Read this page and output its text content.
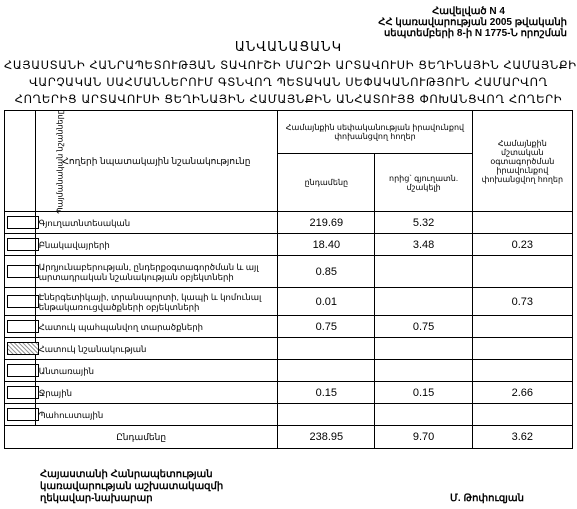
Հավելված N 4
ՀՀ կառավարության 2005 թվականի
սեպտեմբերի 8-ի N 1775-Ն որոշման
ԱՆՎԱՆԱՑԱՆԿ
ՀԱՅԱՍՏԱՆԻ ՀԱՆՐԱՊԵՏՈՒԹՅԱՆ ՏԱՎՈՒՇԻ ՄԱՐԶԻ ԱՐՏԱՎՈՒՍԻ ՑԵՂԻՆԱՅԻՆ ՀԱՄԱՅՆՔԻ
ՎԱՐՉԱԿԱՆ ՍԱՀՄԱՆՆԵՐՈՒՄ ԳՏՆՎՈՂ ՊԵՏԱԿԱՆ ՍԵՓԱԿԱՆՈՒԹՅՈՒՆ ՀԱՄԱՐՎՈՂ
ՀՈՂԵՐԻՑ ԱՐՏԱՎՈՒՍԻ ՑԵՂԻՆԱՅԻՆ ՀԱՄԱՅՆՔԻՆ ԱՆՀԱՏՈՒՅՑ ՓՈԽԱՆՑՎՈՂ ՀՈՂԵՐԻ
Պայմանական նշանները	Հողերի նպատակային նշանակությունը	Համայնքին սեփականության իրավունքով փոխանցվող հողեր		Համայնքին մշտական օգտագործման իրավունքով փոխանցվող հողեր
		ընդամենը	որից` գյուղատն. մշակելի	
	Գյուղատնտեսական	219.69	5.32	
	Բնակավայրերի	18.40	3.48	0.23
	Արդյունաբերության, ընդերքօգտագործման և այլ արտադրական նշանակության օբյեկտների	0.85		
	Էներգետիկայի, տրանսպորտի, կապի և կոմունալ ենթակառուցվածքների օբյեկտների	0.01		0.73
	Հատուկ պահպանվող տարածքների	0.75	0.75	
	Հատուկ նշանակության			
	Անտառային			
	Ջրային	0.15	0.15	2.66
	Պահուստային			
Ընդամենը		238.95	9.70	3.62
Հայաստանի Հանրապետության
կառավարության աշխատակազմի
ղեկավար-նախարար	Մ. Թոփուզյան
